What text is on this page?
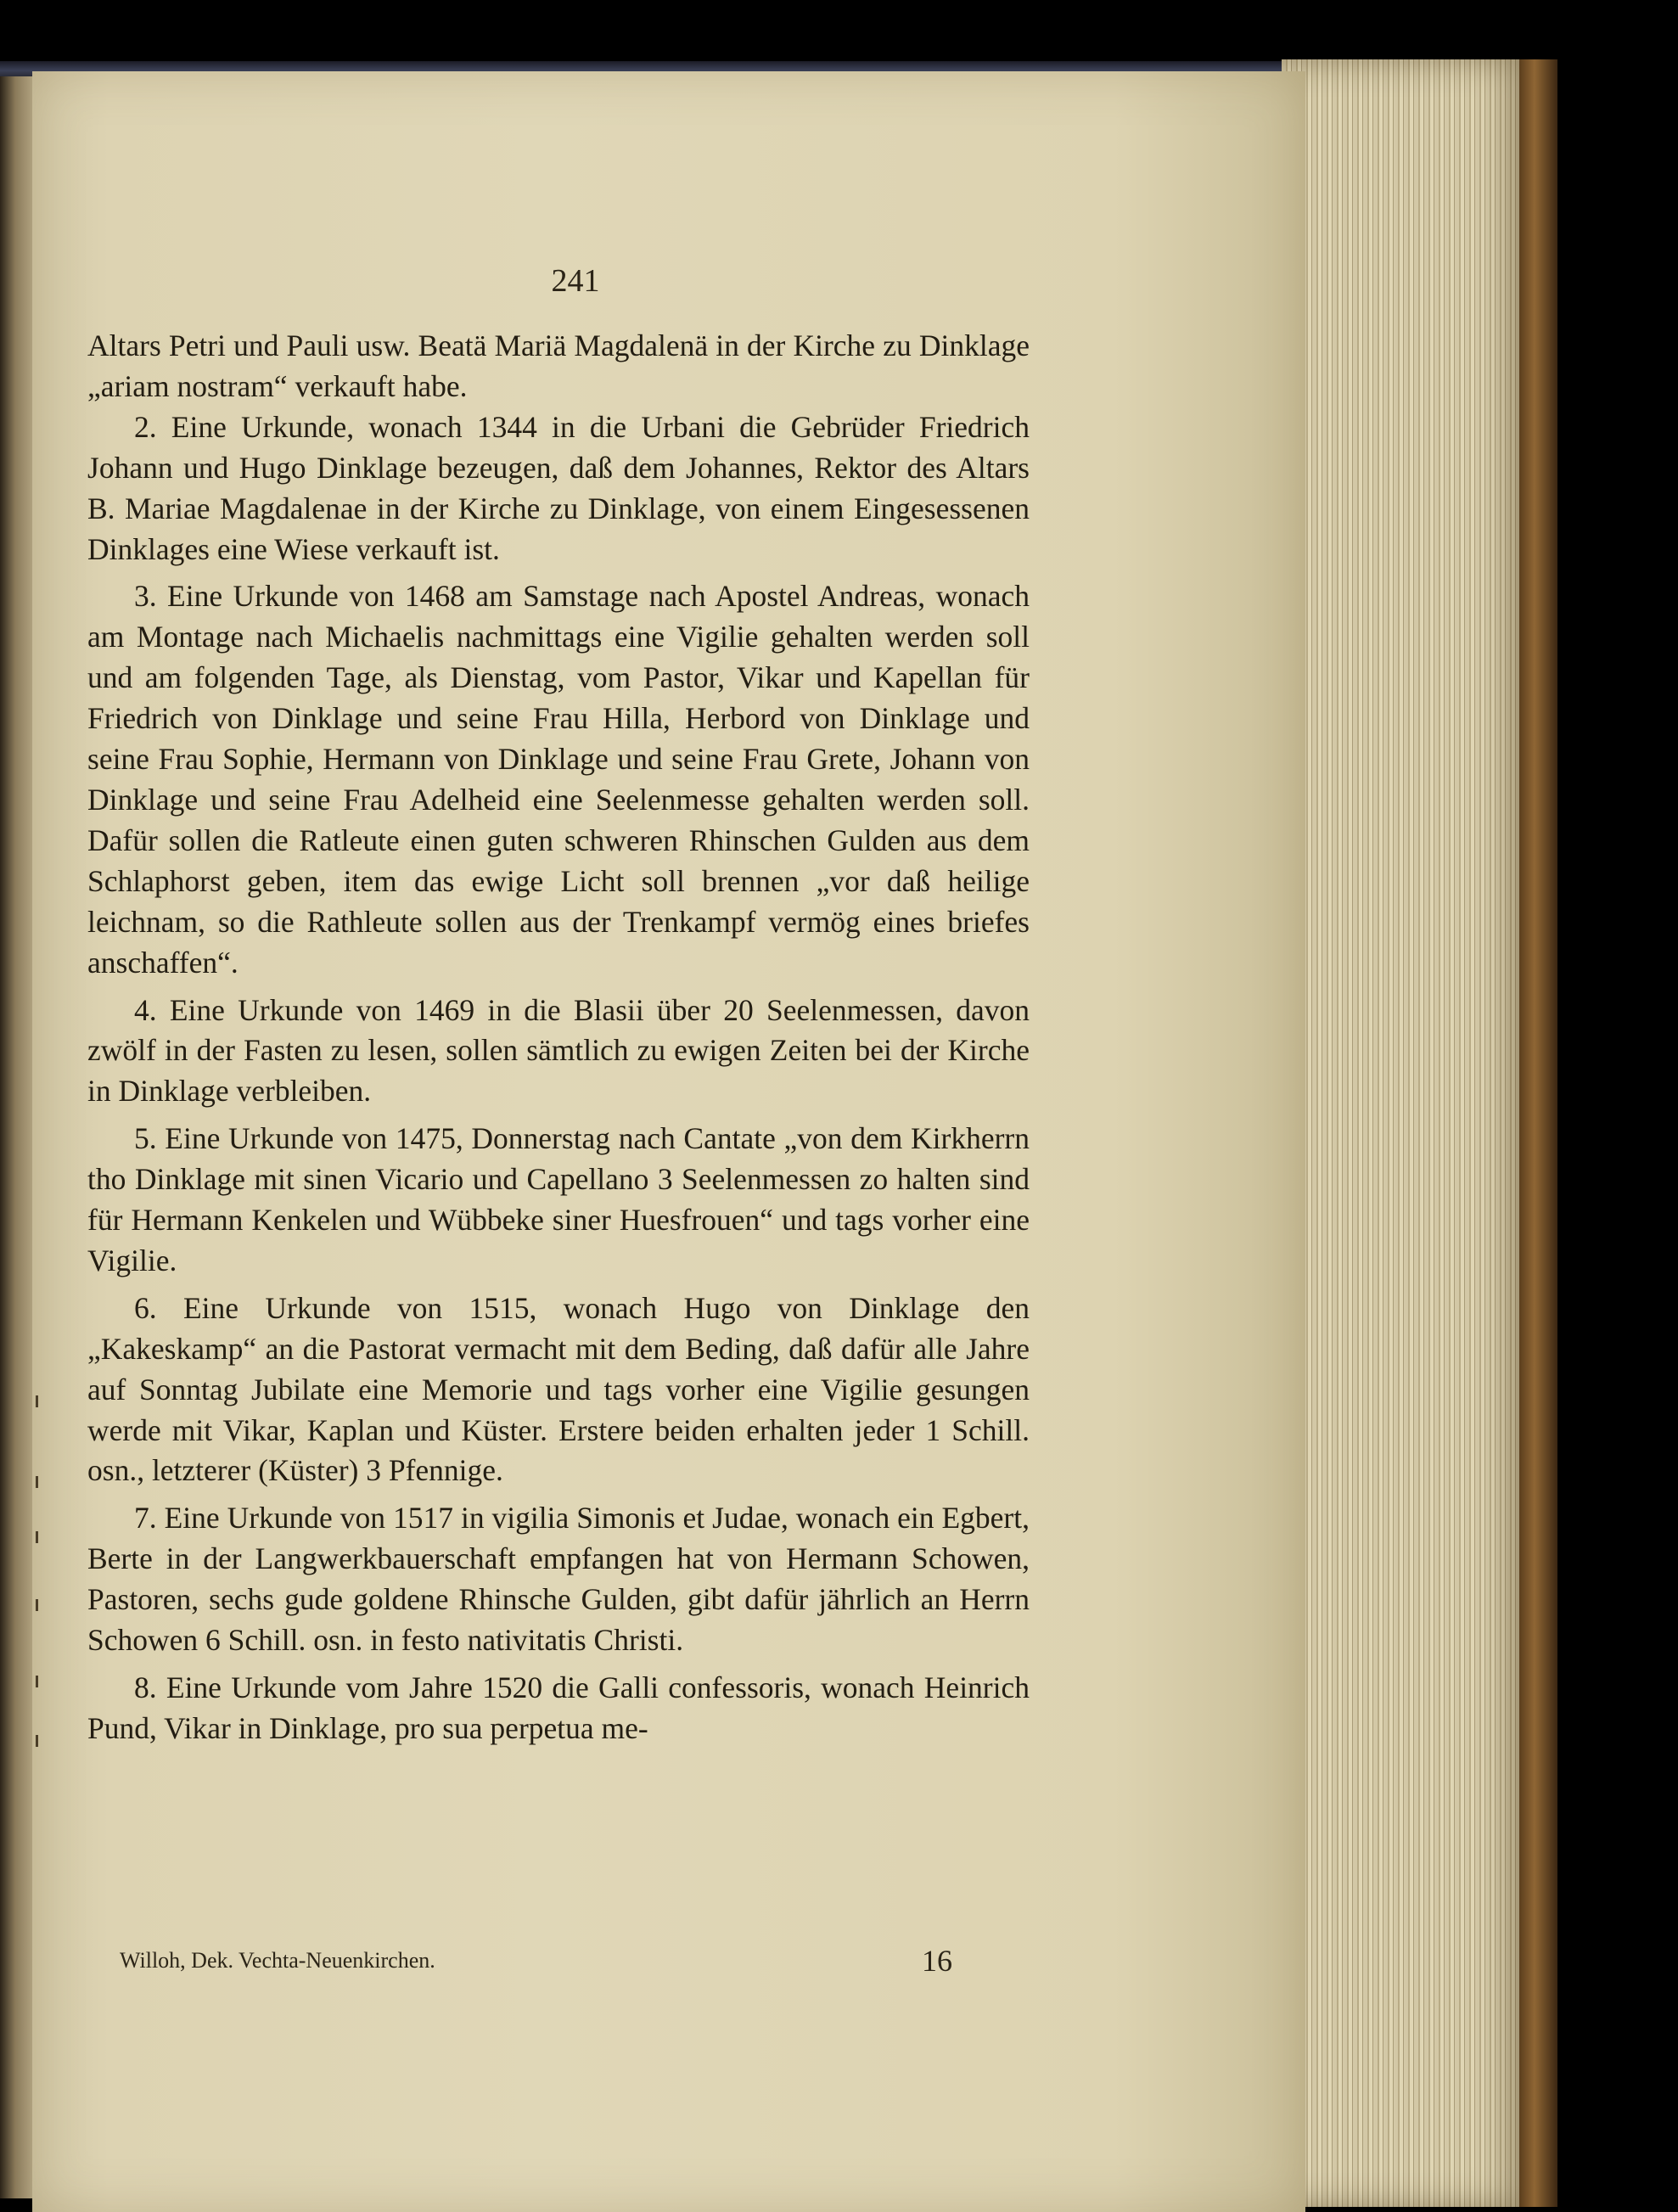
241

Altars Petri und Pauli usw. Beatä Mariä Magdalenä in der Kirche zu Dinklage „ariam nostram“ verkauft habe.

2. Eine Urkunde, wonach 1344 in die Urbani die Gebrüder Friedrich Johann und Hugo Dinklage bezeugen, daß dem Johannes, Rektor des Altars B. Mariae Magdalenae in der Kirche zu Dinklage, von einem Eingesessenen Dinklages eine Wiese verkauft ist.

3. Eine Urkunde von 1468 am Samstage nach Apostel Andreas, wonach am Montage nach Michaelis nachmittags eine Vigilie gehalten werden soll und am folgenden Tage, als Dienstag, vom Pastor, Vikar und Kapellan für Friedrich von Dinklage und seine Frau Hilla, Herbord von Dinklage und seine Frau Sophie, Hermann von Dinklage und seine Frau Grete, Johann von Dinklage und seine Frau Adelheid eine Seelenmesse gehalten werden soll. Dafür sollen die Ratleute einen guten schweren Rhinschen Gulden aus dem Schlaphorst geben, item das ewige Licht soll brennen „vor daß heilige leichnam, so die Rathleute sollen aus der Trenkampf vermög eines briefes anschaffen“.

4. Eine Urkunde von 1469 in die Blasii über 20 Seelenmessen, davon zwölf in der Fasten zu lesen, sollen sämtlich zu ewigen Zeiten bei der Kirche in Dinklage verbleiben.

5. Eine Urkunde von 1475, Donnerstag nach Cantate „von dem Kirkherrn tho Dinklage mit sinen Vicario und Capellano 3 Seelenmessen zo halten sind für Hermann Kenkelen und Wübbeke siner Huesfrouen“ und tags vorher eine Vigilie.

6. Eine Urkunde von 1515, wonach Hugo von Dinklage den „Kakeskamp“ an die Pastorat vermacht mit dem Beding, daß dafür alle Jahre auf Sonntag Jubilate eine Memorie und tags vorher eine Vigilie gesungen werde mit Vikar, Kaplan und Küster. Erstere beiden erhalten jeder 1 Schill. osn., letzterer (Küster) 3 Pfennige.

7. Eine Urkunde von 1517 in vigilia Simonis et Judae, wonach ein Egbert, Berte in der Langwerkbauerschaft empfangen hat von Hermann Schowen, Pastoren, sechs gude goldene Rhinsche Gulden, gibt dafür jährlich an Herrn Schowen 6 Schill. osn. in festo nativitatis Christi.

8. Eine Urkunde vom Jahre 1520 die Galli confessoris, wonach Heinrich Pund, Vikar in Dinklage, pro sua perpetua me-

Willoh, Dek. Vechta-Neuenkirchen.	16
